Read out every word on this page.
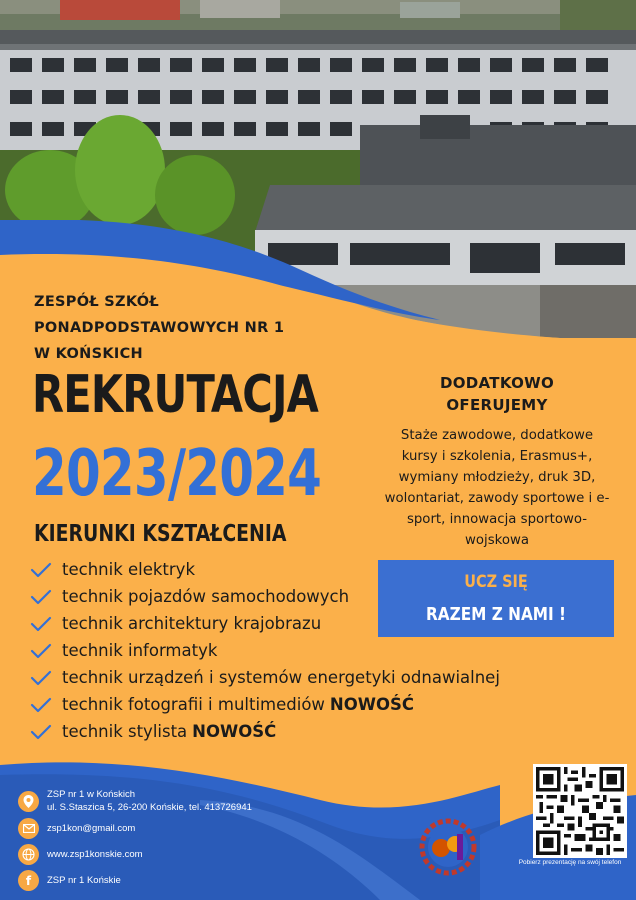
ZESPÓŁ SZKÓŁ
PONADPODSTAWOWYCH NR 1
W KOŃSKICH
REKRUTACJA
2023/2024
KIERUNKI KSZTAŁCENIA
technik elektryk
technik pojazdów samochodowych
technik architektury krajobrazu
technik informatyk
technik urządzeń i systemów energetyki odnawialnej
technik fotografii i multimediów NOWOŚĆ
technik stylista NOWOŚĆ
DODATKOWO
OFERUJEMY
Staże zawodowe, dodatkowe kursy i szkolenia, Erasmus+, wymiany młodzieży, druk 3D, wolontariat, zawody sportowe i e-sport, innowacja sportowo-wojskowa
UCZ SIĘ
RAZEM Z NAMI !
ZSP nr 1 w Końskich
ul. S.Staszica 5, 26-200 Końskie, tel. 413726941
zsp1kon@gmail.com
www.zsp1konskie.com
f ZSP nr 1 Końskie
Pobierz prezentację na swój telefon
